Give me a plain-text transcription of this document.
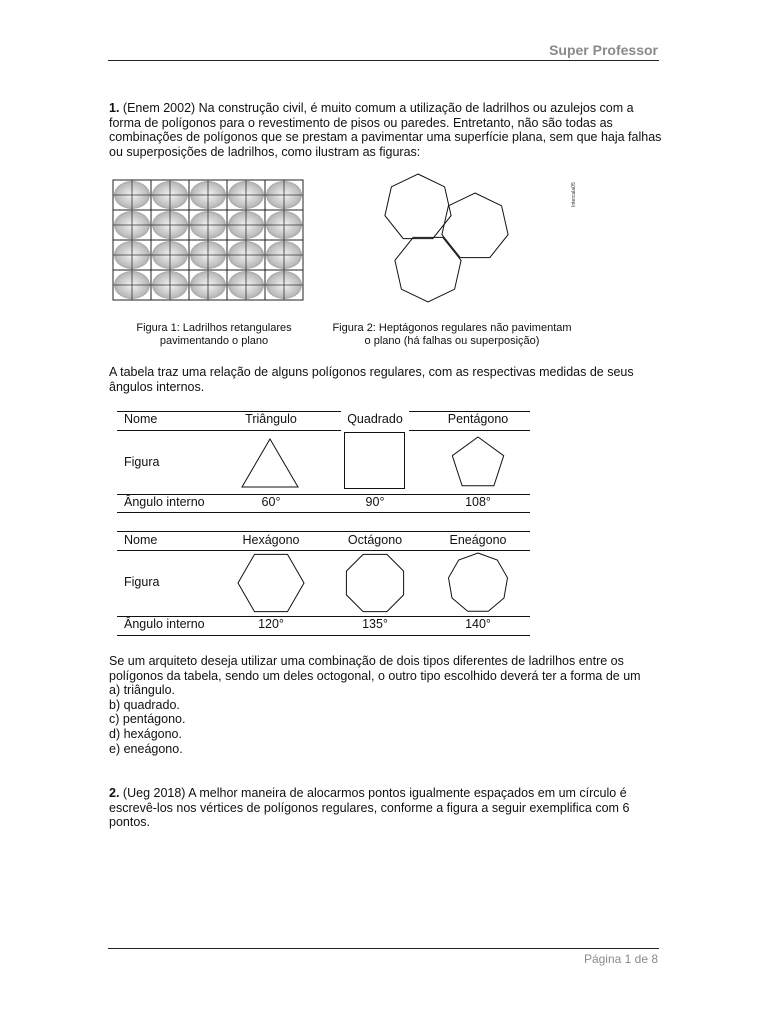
Super Professor

1. (Enem 2002) Na construção civil, é muito comum a utilização de ladrilhos ou azulejos com a forma de polígonos para o revestimento de pisos ou paredes. Entretanto, não são todas as combinações de polígonos que se prestam a pavimentar uma superfície plana, sem que haja falhas ou superposições de ladrilhos, como ilustram as figuras:

Intercala05
Figura 1: Ladrilhos retangulares
pavimentando o plano
Figura 2: Heptágonos regulares não pavimentam
o plano (há falhas ou superposição)

A tabela traz uma relação de alguns polígonos regulares, com as respectivas medidas de seus ângulos internos.

Nome	Triângulo	Quadrado	Pentágono
Figura
Ângulo interno	60°	90°	108°
Nome	Hexágono	Octágono	Eneágono
Figura
Ângulo interno	120°	135°	140°

Se um arquiteto deseja utilizar uma combinação de dois tipos diferentes de ladrilhos entre os polígonos da tabela, sendo um deles octogonal, o outro tipo escolhido deverá ter a forma de um

a) triângulo.

b) quadrado.

c) pentágono.

d) hexágono.

e) eneágono.

2. (Ueg 2018) A melhor maneira de alocarmos pontos igualmente espaçados em um círculo é escrevê-los nos vértices de polígonos regulares, conforme a figura a seguir exemplifica com 6 pontos.

Página 1 de 8
